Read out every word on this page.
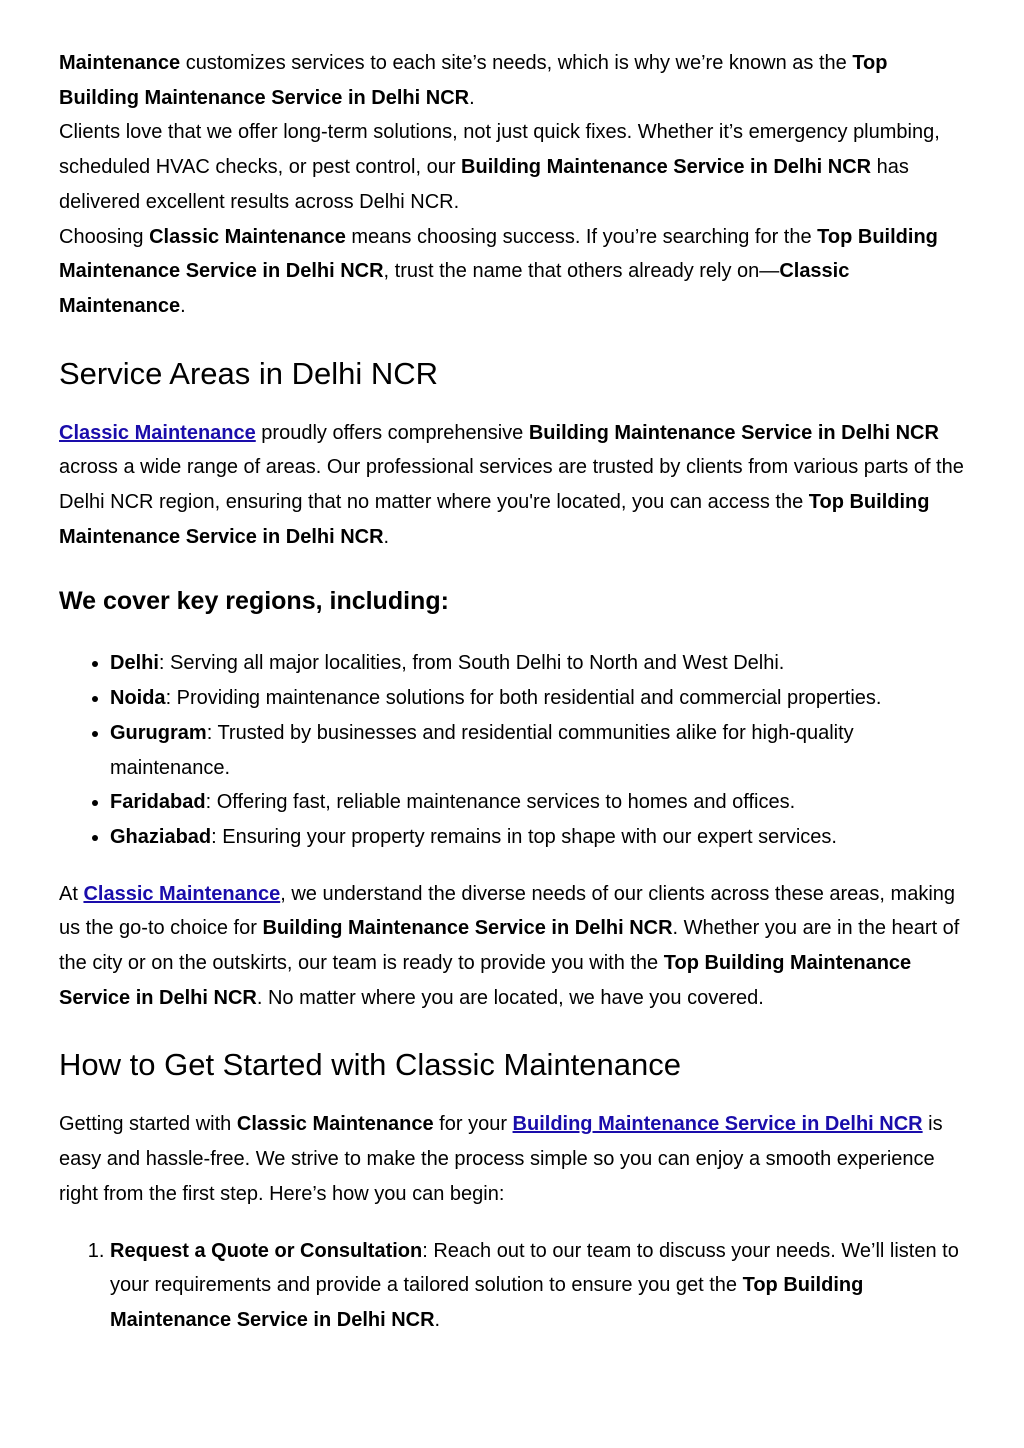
Maintenance customizes services to each site’s needs, which is why we’re known as the Top Building Maintenance Service in Delhi NCR.

Clients love that we offer long-term solutions, not just quick fixes. Whether it’s emergency plumbing, scheduled HVAC checks, or pest control, our Building Maintenance Service in Delhi NCR has delivered excellent results across Delhi NCR.

Choosing Classic Maintenance means choosing success. If you’re searching for the Top Building Maintenance Service in Delhi NCR, trust the name that others already rely on—Classic Maintenance.

Service Areas in Delhi NCR

Classic Maintenance proudly offers comprehensive Building Maintenance Service in Delhi NCR across a wide range of areas. Our professional services are trusted by clients from various parts of the Delhi NCR region, ensuring that no matter where you're located, you can access the Top Building Maintenance Service in Delhi NCR.

We cover key regions, including:
• Delhi: Serving all major localities, from South Delhi to North and West Delhi.
• Noida: Providing maintenance solutions for both residential and commercial properties.
• Gurugram: Trusted by businesses and residential communities alike for high-quality maintenance.
• Faridabad: Offering fast, reliable maintenance services to homes and offices.
• Ghaziabad: Ensuring your property remains in top shape with our expert services.

At Classic Maintenance, we understand the diverse needs of our clients across these areas, making us the go-to choice for Building Maintenance Service in Delhi NCR. Whether you are in the heart of the city or on the outskirts, our team is ready to provide you with the Top Building Maintenance Service in Delhi NCR. No matter where you are located, we have you covered.

How to Get Started with Classic Maintenance

Getting started with Classic Maintenance for your Building Maintenance Service in Delhi NCR is easy and hassle-free. We strive to make the process simple so you can enjoy a smooth experience right from the first step. Here’s how you can begin:

1. Request a Quote or Consultation: Reach out to our team to discuss your needs. We’ll listen to your requirements and provide a tailored solution to ensure you get the Top Building Maintenance Service in Delhi NCR.
